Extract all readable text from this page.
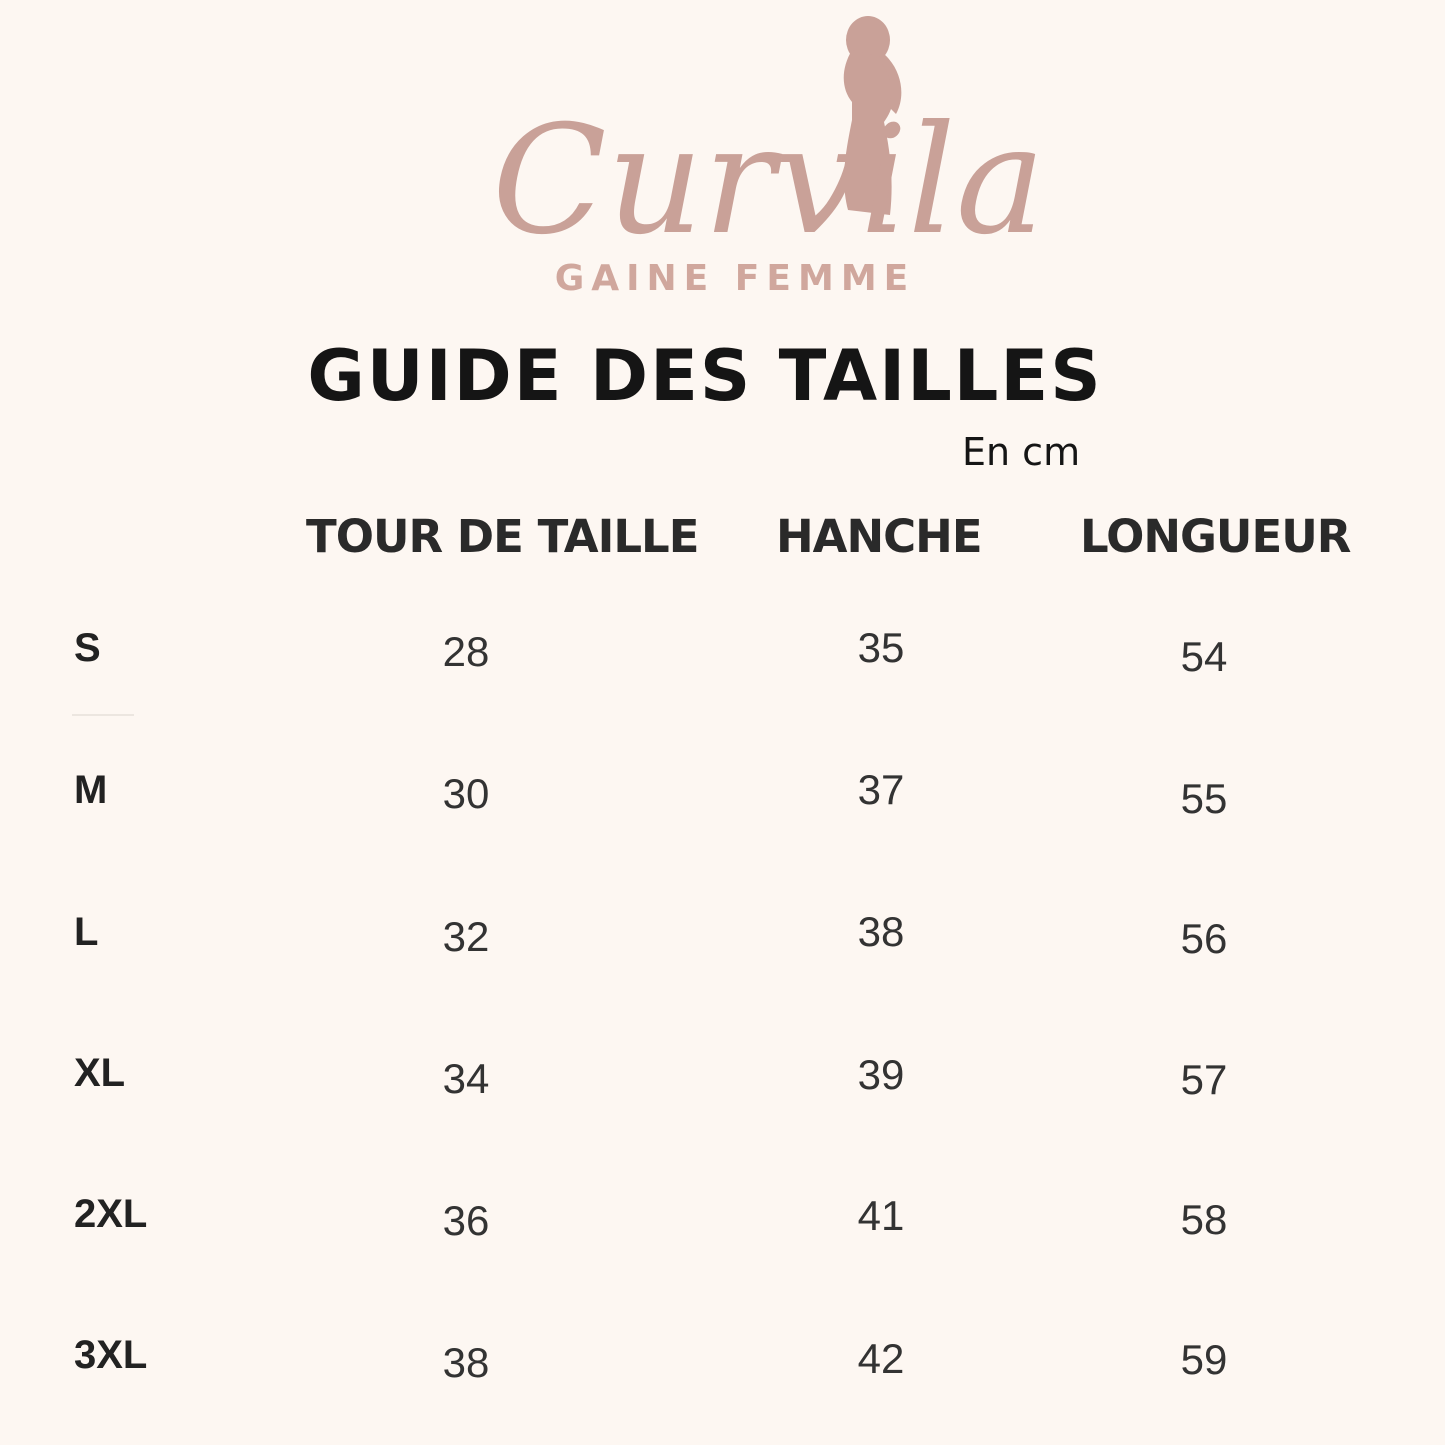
Curvila
GAINE FEMME
GUIDE DES TAILLES
En cm
TOUR DE TAILLE HANCHE LONGUEUR
S	28	35	54
M	30	37	55
L	32	38	56
XL	34	39	57
2XL	36	41	58
3XL	38	42	59
